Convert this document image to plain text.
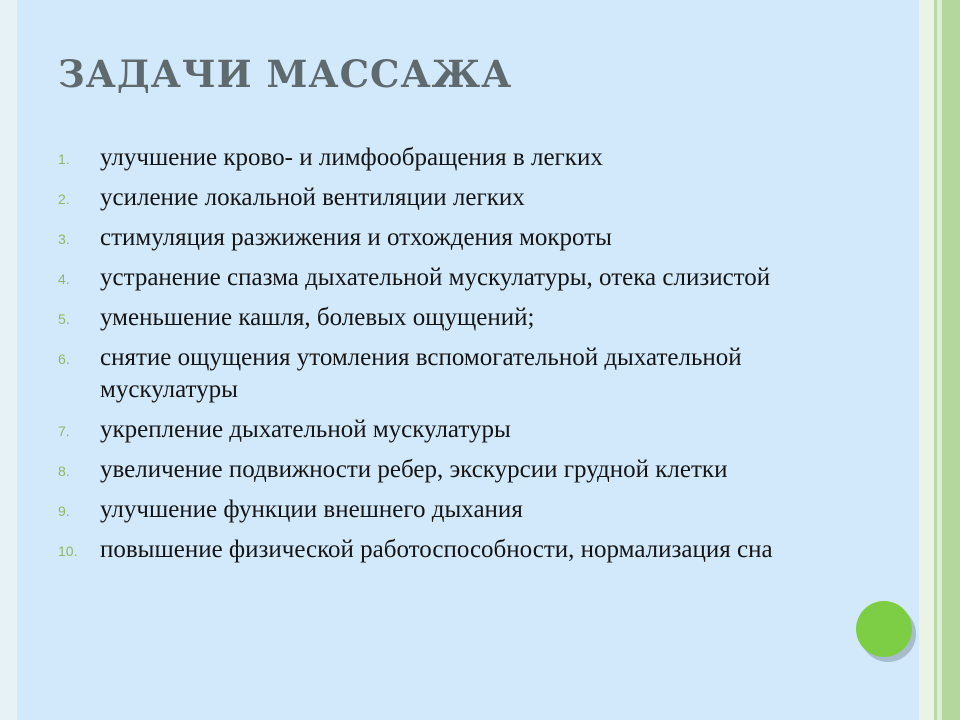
ЗАДАЧИ МАССАЖА
1. улучшение крово- и лимфообращения в легких
2. усиление локальной вентиляции легких
3. стимуляция разжижения и отхождения мокроты
4. устранение спазма дыхательной мускулатуры, отека слизистой
5. уменьшение кашля, болевых ощущений;
6. снятие ощущения утомления вспомогательной дыхательной мускулатуры
7. укрепление дыхательной мускулатуры
8. увеличение подвижности ребер, экскурсии грудной клетки
9. улучшение функции внешнего дыхания
10. повышение физической работоспособности, нормализация сна
